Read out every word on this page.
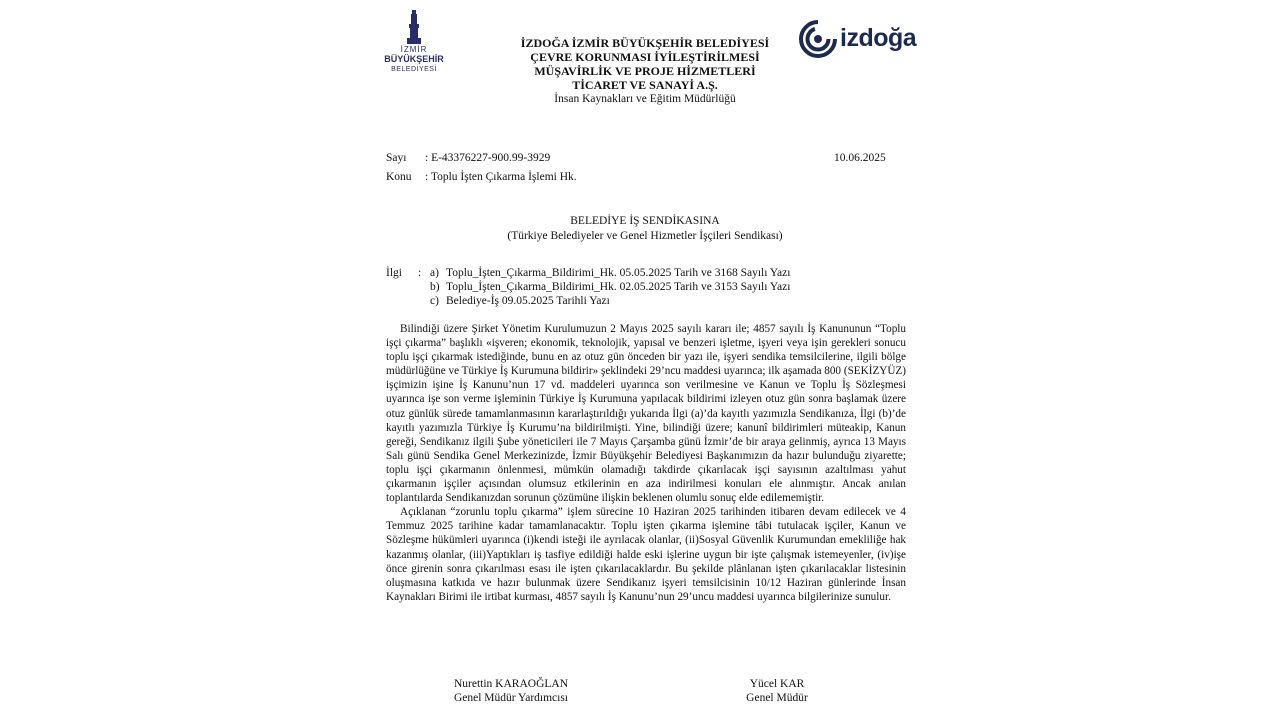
İZMİR
BÜYÜKŞEHİR
BELEDİYESİ
izdoğa
İZDOĞA İZMİR BÜYÜKŞEHİR BELEDİYESİ
ÇEVRE KORUNMASI İYİLEŞTİRİLMESİ
MÜŞAVİRLİK VE PROJE HİZMETLERİ
TİCARET VE SANAYİ A.Ş.
İnsan Kaynakları ve Eğitim Müdürlüğü
Sayı : E-43376227-900.99-3929	10.06.2025
Konu : Toplu İşten Çıkarma İşlemi Hk.
BELEDİYE İŞ SENDİKASINA
(Türkiye Belediyeler ve Genel Hizmetler İşçileri Sendikası)
İlgi : a) Toplu_İşten_Çıkarma_Bildirimi_Hk. 05.05.2025 Tarih ve 3168 Sayılı Yazı
b) Toplu_İşten_Çıkarma_Bildirimi_Hk. 02.05.2025 Tarih ve 3153 Sayılı Yazı
c) Belediye-İş 09.05.2025 Tarihli Yazı

Bilindiği üzere Şirket Yönetim Kurulumuzun 2 Mayıs 2025 sayılı kararı ile; 4857 sayılı İş Kanununun “Toplu işçi çıkarma” başlıklı «işveren; ekonomik, teknolojik, yapısal ve benzeri işletme, işyeri veya işin gerekleri sonucu toplu işçi çıkarmak istediğinde, bunu en az otuz gün önceden bir yazı ile, işyeri sendika temsilcilerine, ilgili bölge müdürlüğüne ve Türkiye İş Kurumuna bildirir» şeklindeki 29’ncu maddesi uyarınca; ilk aşamada 800 (SEKİZYÜZ) işçimizin işine İş Kanunu’nun 17 vd. maddeleri uyarınca son verilmesine ve Kanun ve Toplu İş Sözleşmesi uyarınca işe son verme işleminin Türkiye İş Kurumuna yapılacak bildirimi izleyen otuz gün sonra başlamak üzere otuz günlük sürede tamamlanmasının kararlaştırıldığı yukarıda İlgi (a)’da kayıtlı yazımızla Sendikanıza, İlgi (b)’de kayıtlı yazımızla Türkiye İş Kurumu’na bildirilmişti. Yine, bilindiği üzere; kanunî bildirimleri müteakip, Kanun gereği, Sendikanız ilgili Şube yöneticileri ile 7 Mayıs Çarşamba günü İzmir’de bir araya gelinmiş, ayrıca 13 Mayıs Salı günü Sendika Genel Merkezinizde, İzmir Büyükşehir Belediyesi Başkanımızın da hazır bulunduğu ziyarette; toplu işçi çıkarmanın önlenmesi, mümkün olamadığı takdirde çıkarılacak işçi sayısının azaltılması yahut çıkarmanın işçiler açısından olumsuz etkilerinin en aza indirilmesi konuları ele alınmıştır. Ancak anılan toplantılarda Sendikanızdan sorunun çözümüne ilişkin beklenen olumlu sonuç elde edilememiştir.

Açıklanan “zorunlu toplu çıkarma” işlem sürecine 10 Haziran 2025 tarihinden itibaren devam edilecek ve 4 Temmuz 2025 tarihine kadar tamamlanacaktır. Toplu işten çıkarma işlemine tâbi tutulacak işçiler, Kanun ve Sözleşme hükümleri uyarınca (i)kendi isteği ile ayrılacak olanlar, (ii)Sosyal Güvenlik Kurumundan emekliliğe hak kazanmış olanlar, (iii)Yaptıkları iş tasfiye edildiği halde eski işlerine uygun bir işte çalışmak istemeyenler, (iv)işe önce girenin sonra çıkarılması esası ile işten çıkarılacaklardır. Bu şekilde plânlanan işten çıkarılacaklar listesinin oluşmasına katkıda ve hazır bulunmak üzere Sendikanız işyeri temsilcisinin 10/12 Haziran günlerinde İnsan Kaynakları Birimi ile irtibat kurması, 4857 sayılı İş Kanunu’nun 29’uncu maddesi uyarınca bilgilerinize sunulur.

Nurettin KARAOĞLAN
Genel Müdür Yardımcısı
Yücel KAR
Genel Müdür
